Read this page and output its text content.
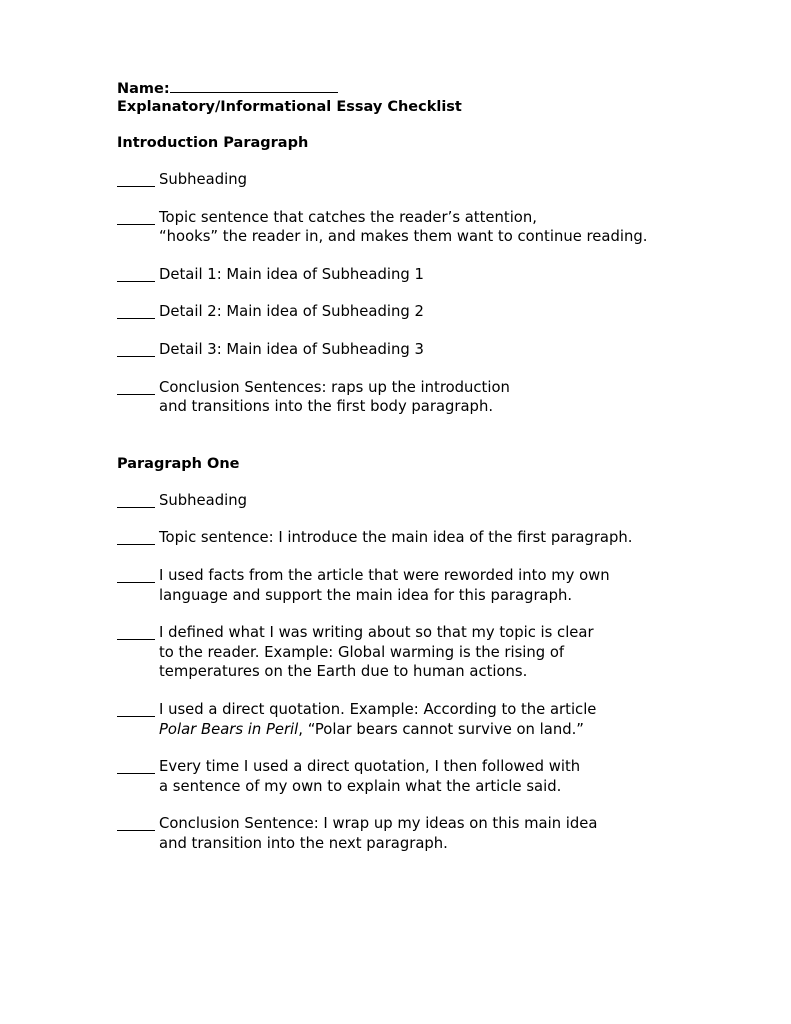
Name:
Explanatory/Informational Essay Checklist
Introduction Paragraph
Subheading
Topic sentence that catches the reader’s attention,
“hooks” the reader in, and makes them want to continue reading.
Detail 1: Main idea of Subheading 1
Detail 2: Main idea of Subheading 2
Detail 3: Main idea of Subheading 3
Conclusion Sentences: raps up the introduction
and transitions into the first body paragraph.
Paragraph One
Subheading
Topic sentence: I introduce the main idea of the first paragraph.
I used facts from the article that were reworded into my own
language and support the main idea for this paragraph.
I defined what I was writing about so that my topic is clear
to the reader. Example: Global warming is the rising of
temperatures on the Earth due to human actions.
I used a direct quotation. Example: According to the article
Polar Bears in Peril, “Polar bears cannot survive on land.”
Every time I used a direct quotation, I then followed with
a sentence of my own to explain what the article said.
Conclusion Sentence: I wrap up my ideas on this main idea
and transition into the next paragraph.
